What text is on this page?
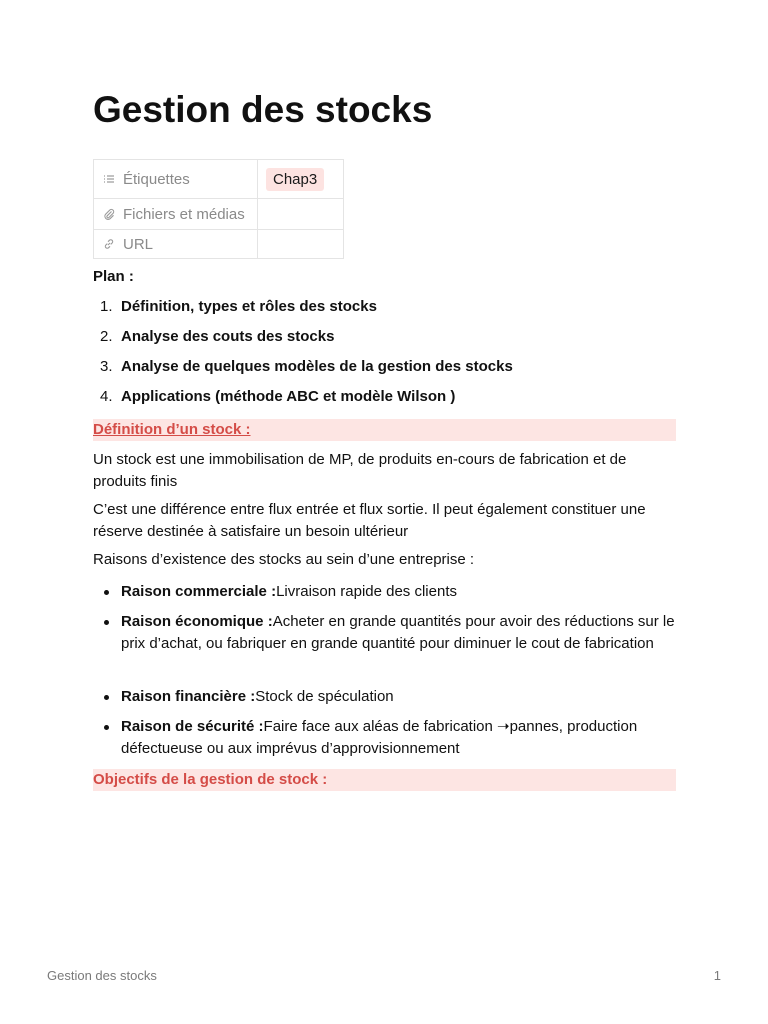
Gestion des stocks
Étiquettes	Chap3

Fichiers et médias	

URL	

Plan :

1. Définition, types et rôles des stocks
2. Analyse des couts des stocks
3. Analyse de quelques modèles de la gestion des stocks
4. Applications (méthode ABC et modèle Wilson )
Définition d’un stock :

Un stock est une immobilisation de MP, de produits en-cours de fabrication et de produits finis

C’est une différence entre flux entrée et flux sortie. Il peut également constituer une réserve destinée à satisfaire un besoin ultérieur

Raisons d’existence des stocks au sein d’une entreprise :

Raison commerciale :Livraison rapide des clients
Raison économique :Acheter en grande quantités pour avoir des réductions sur le prix d’achat, ou fabriquer en grande quantité pour diminuer le cout de fabrication
Raison financière :Stock de spéculation
Raison de sécurité :Faire face aux aléas de fabrication ➝pannes, production défectueuse ou aux imprévus d’approvisionnement
Objectifs de la gestion de stock :
Gestion des stocks	1
